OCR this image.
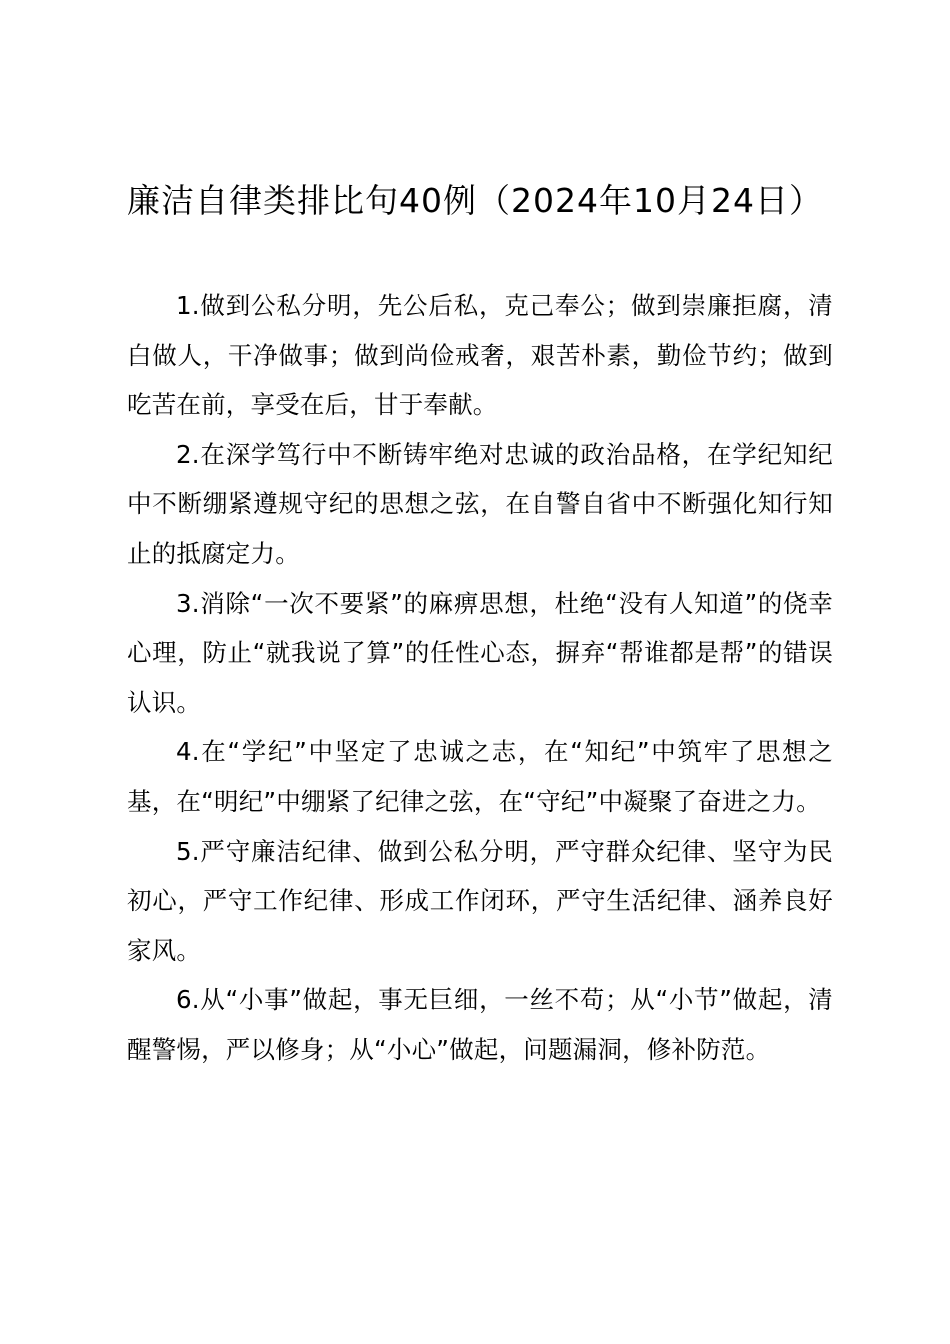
廉洁自律类排比句40例（2024年10月24日）

1.做到公私分明，先公后私，克己奉公；做到崇廉拒腐，清白做人，干净做事；做到尚俭戒奢，艰苦朴素，勤俭节约；做到吃苦在前，享受在后，甘于奉献。

2.在深学笃行中不断铸牢绝对忠诚的政治品格，在学纪知纪中不断绷紧遵规守纪的思想之弦，在自警自省中不断强化知行知止的抵腐定力。

3.消除“一次不要紧”的麻痹思想，杜绝“没有人知道”的侥幸心理，防止“就我说了算”的任性心态，摒弃“帮谁都是帮”的错误认识。

4.在“学纪”中坚定了忠诚之志，在“知纪”中筑牢了思想之基，在“明纪”中绷紧了纪律之弦，在“守纪”中凝聚了奋进之力。

5.严守廉洁纪律、做到公私分明，严守群众纪律、坚守为民初心，严守工作纪律、形成工作闭环，严守生活纪律、涵养良好家风。

6.从“小事”做起，事无巨细，一丝不苟；从“小节”做起，清醒警惕，严以修身；从“小心”做起，问题漏洞，修补防范。
